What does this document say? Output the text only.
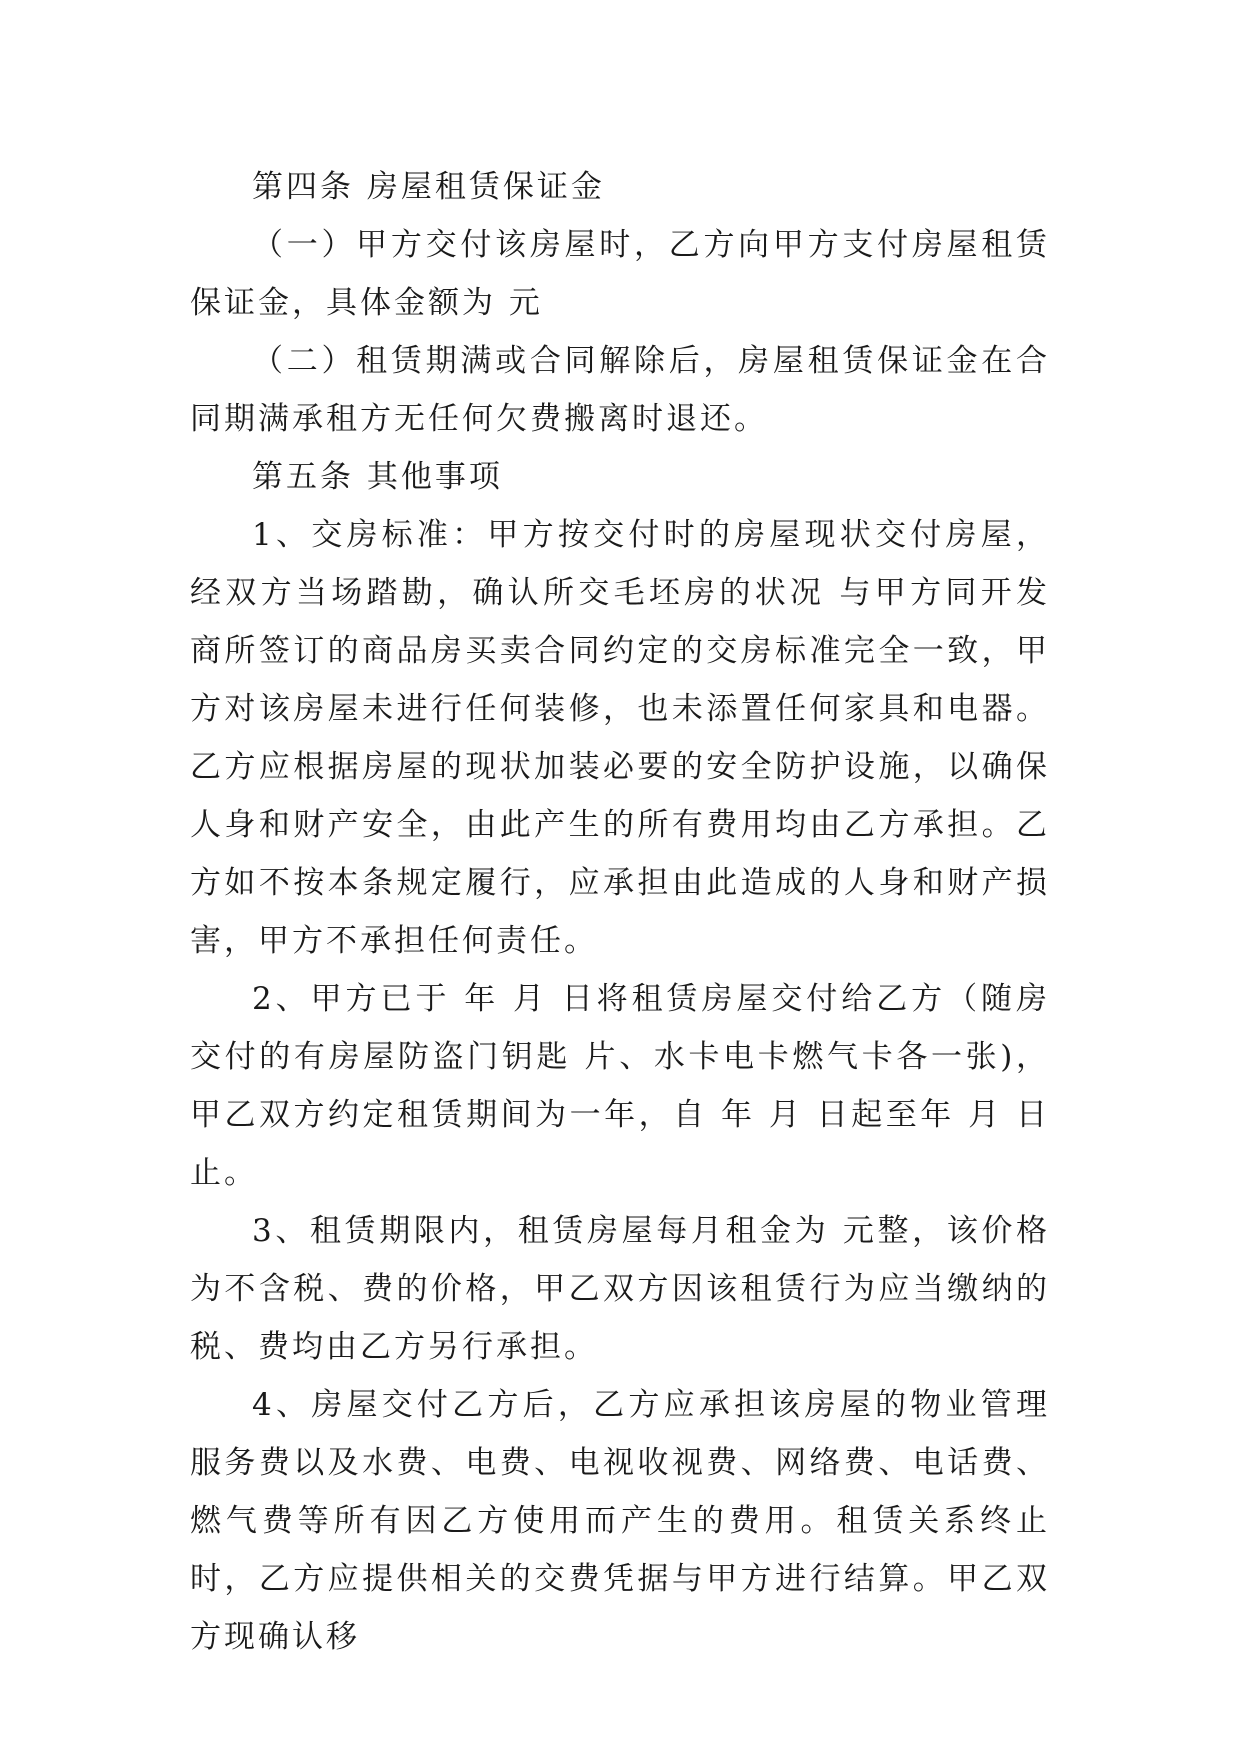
第四条 房屋租赁保证金

（一）甲方交付该房屋时，乙方向甲方支付房屋租赁保证金，具体金额为 元

（二）租赁期满或合同解除后，房屋租赁保证金在合同期满承租方无任何欠费搬离时退还。

第五条 其他事项

1、交房标准：甲方按交付时的房屋现状交付房屋，经双方当场踏勘，确认所交毛坯房的状况 与甲方同开发商所签订的商品房买卖合同约定的交房标准完全一致，甲方对该房屋未进行任何装修，也未添置任何家具和电器。乙方应根据房屋的现状加装必要的安全防护设施，以确保人身和财产安全，由此产生的所有费用均由乙方承担。乙方如不按本条规定履行，应承担由此造成的人身和财产损害，甲方不承担任何责任。

2、甲方已于 年 月 日将租赁房屋交付给乙方（随房交付的有房屋防盗门钥匙 片、水卡电卡燃气卡各一张)，甲乙双方约定租赁期间为一年，自 年 月 日起至年 月 日止。

3、租赁期限内，租赁房屋每月租金为 元整，该价格为不含税、费的价格，甲乙双方因该租赁行为应当缴纳的税、费均由乙方另行承担。

4、房屋交付乙方后，乙方应承担该房屋的物业管理服务费以及水费、电费、电视收视费、网络费、电话费、燃气费等所有因乙方使用而产生的费用。租赁关系终止时，乙方应提供相关的交费凭据与甲方进行结算。甲乙双方现确认移
